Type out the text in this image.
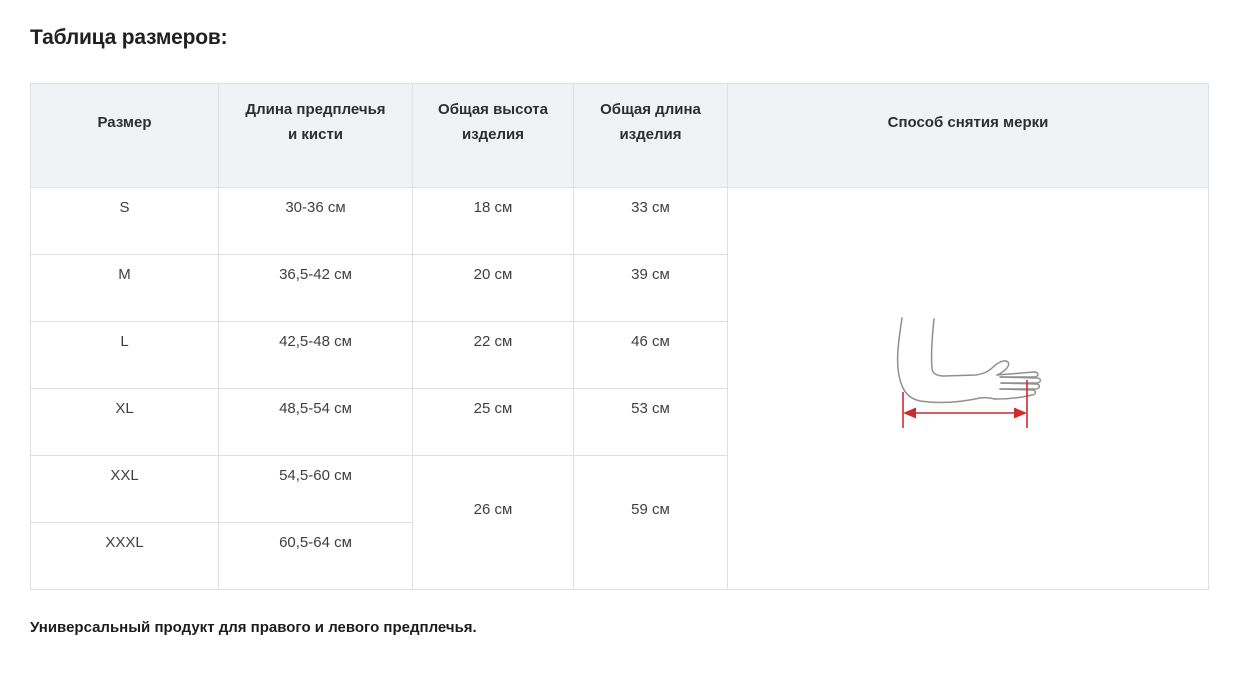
Таблица размеров:
Размер	Длина предплечья и кисти	Общая высота изделия	Общая длина изделия	Способ снятия мерки
S	30-36 см	18 см	33 см	

M	36,5-42 см	20 см	39 см	
L	42,5-48 см	22 см	46 см	
XL	48,5-54 см	25 см	53 см	
XXL	54,5-60 см	26 см	59 см	
XXXL	60,5-64 см			

Универсальный продукт для правого и левого предплечья.
